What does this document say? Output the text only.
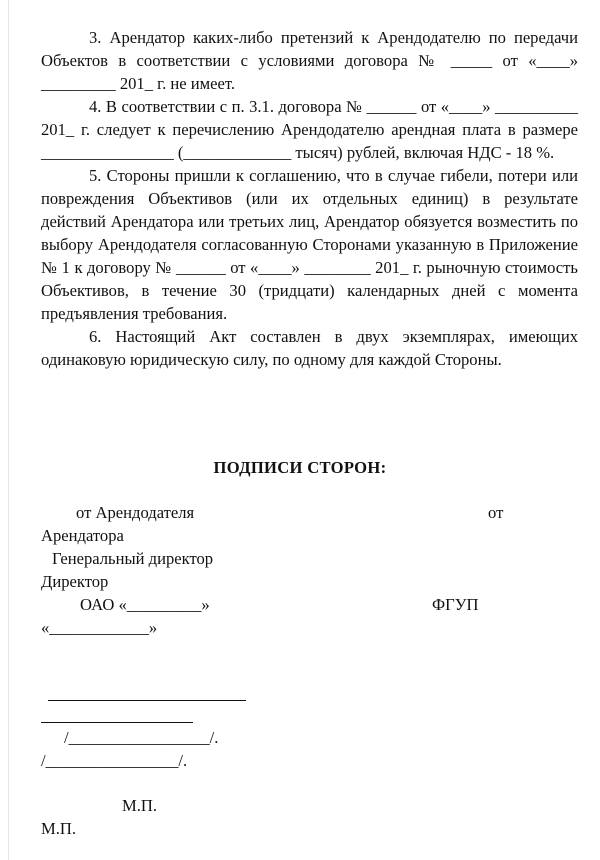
3. Арендатор каких-либо претензий к Арендодателю по передачи Объектов в соответствии с условиями договора № _____ от «____» _________ 201_ г. не имеет.

4. В соответствии с п. 3.1. договора № ______ от «____» __________ 201_ г. следует к перечислению Арендодателю арендная плата в размере ________________ (_____________ тысяч) рублей, включая НДС - 18 %.

5. Стороны пришли к соглашению, что в случае гибели, потери или повреждения Объективов (или их отдельных единиц) в результате действий Арендатора или третьих лиц, Арендатор обязуется возместить по выбору Арендодателя согласованную Сторонами указанную в Приложение № 1 к договору № ______ от «____» ________ 201_ г. рыночную стоимость Объективов, в течение 30 (тридцати) календарных дней с момента предъявления требования.

6. Настоящий Акт составлен в двух экземплярах, имеющих одинаковую юридическую силу, по одному для каждой Стороны.

ПОДПИСИ СТОРОН:
от Арендодателя	от
Арендатора
Генеральный директор
Директор
ОАО «_________»	ФГУП
«____________»
/_________________/.
/________________/.
М.П.
М.П.
